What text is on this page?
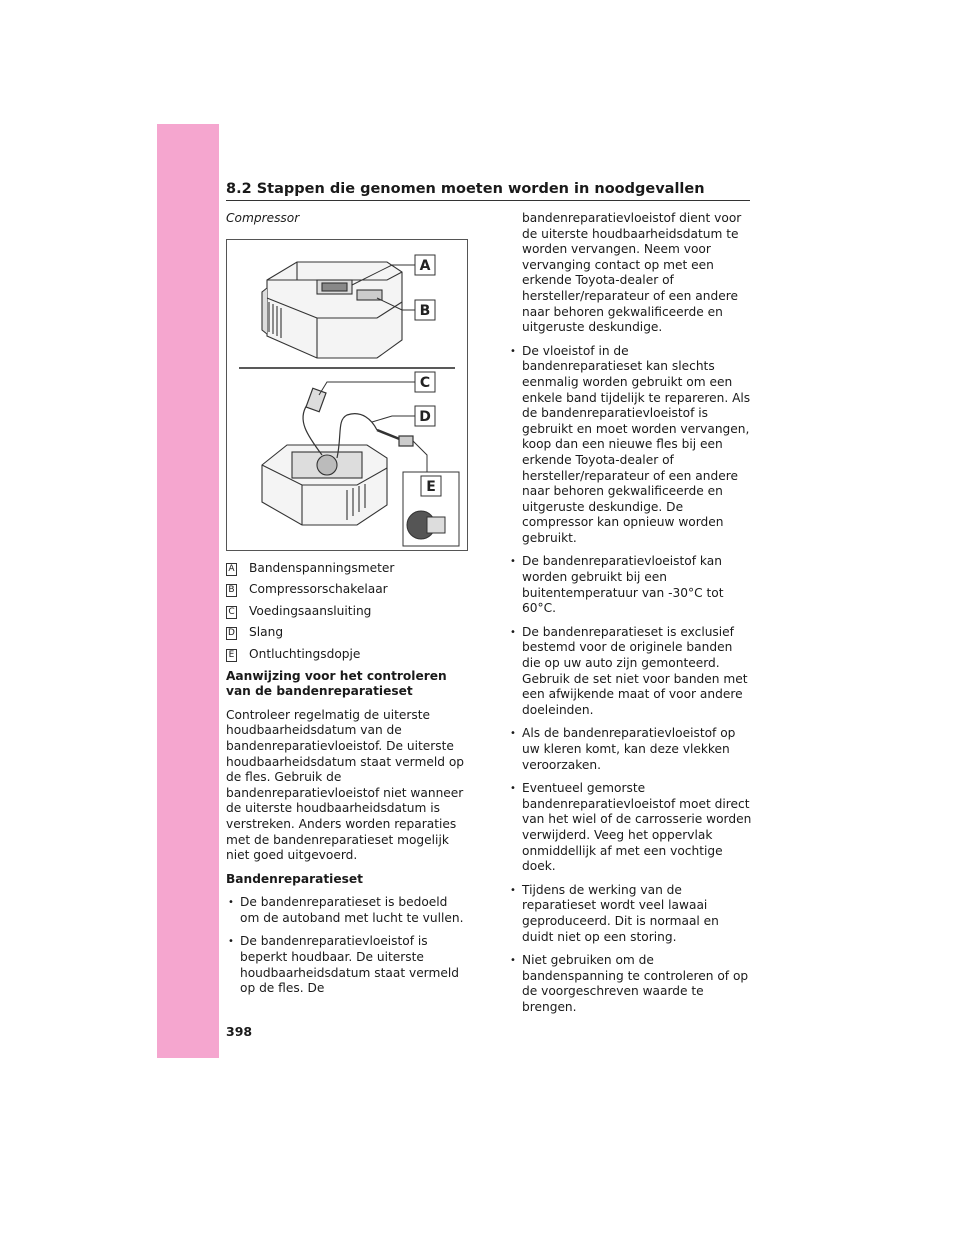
8.2 Stappen die genomen moeten worden in noodgevallen
Compressor
A
B
C
D
E
A Bandenspanningsmeter
B Compressorschakelaar
C Voedingsaansluiting
D Slang
E Ontluchtingsdopje
Aanwijzing voor het controleren van de bandenreparatieset

Controleer regelmatig de uiterste houdbaarheidsdatum van de bandenreparatievloeistof. De uiterste houdbaarheidsdatum staat vermeld op de fles. Gebruik de bandenreparatievloeistof niet wanneer de uiterste houdbaarheidsdatum is verstreken. Anders worden reparaties met de bandenreparatieset mogelijk niet goed uitgevoerd.

Bandenreparatieset
• De bandenreparatieset is bedoeld om de autoband met lucht te vullen.
• De bandenreparatievloeistof is beperkt houdbaar. De uiterste houdbaarheidsdatum staat vermeld op de fles. De
bandenreparatievloeistof dient voor de uiterste houdbaarheidsdatum te worden vervangen. Neem voor vervanging contact op met een erkende Toyota-dealer of hersteller/reparateur of een andere naar behoren gekwalificeerde en uitgeruste deskundige.
• De vloeistof in de bandenreparatieset kan slechts eenmalig worden gebruikt om een enkele band tijdelijk te repareren. Als de bandenreparatievloeistof is gebruikt en moet worden vervangen, koop dan een nieuwe fles bij een erkende Toyota-dealer of hersteller/reparateur of een andere naar behoren gekwalificeerde en uitgeruste deskundige. De compressor kan opnieuw worden gebruikt.
• De bandenreparatievloeistof kan worden gebruikt bij een buitentemperatuur van -30°C tot 60°C.
• De bandenreparatieset is exclusief bestemd voor de originele banden die op uw auto zijn gemonteerd. Gebruik de set niet voor banden met een afwijkende maat of voor andere doeleinden.
• Als de bandenreparatievloeistof op uw kleren komt, kan deze vlekken veroorzaken.
• Eventueel gemorste bandenreparatievloeistof moet direct van het wiel of de carrosserie worden verwijderd. Veeg het oppervlak onmiddellijk af met een vochtige doek.
• Tijdens de werking van de reparatieset wordt veel lawaai geproduceerd. Dit is normaal en duidt niet op een storing.
• Niet gebruiken om de bandenspanning te controleren of op de voorgeschreven waarde te brengen.
398
